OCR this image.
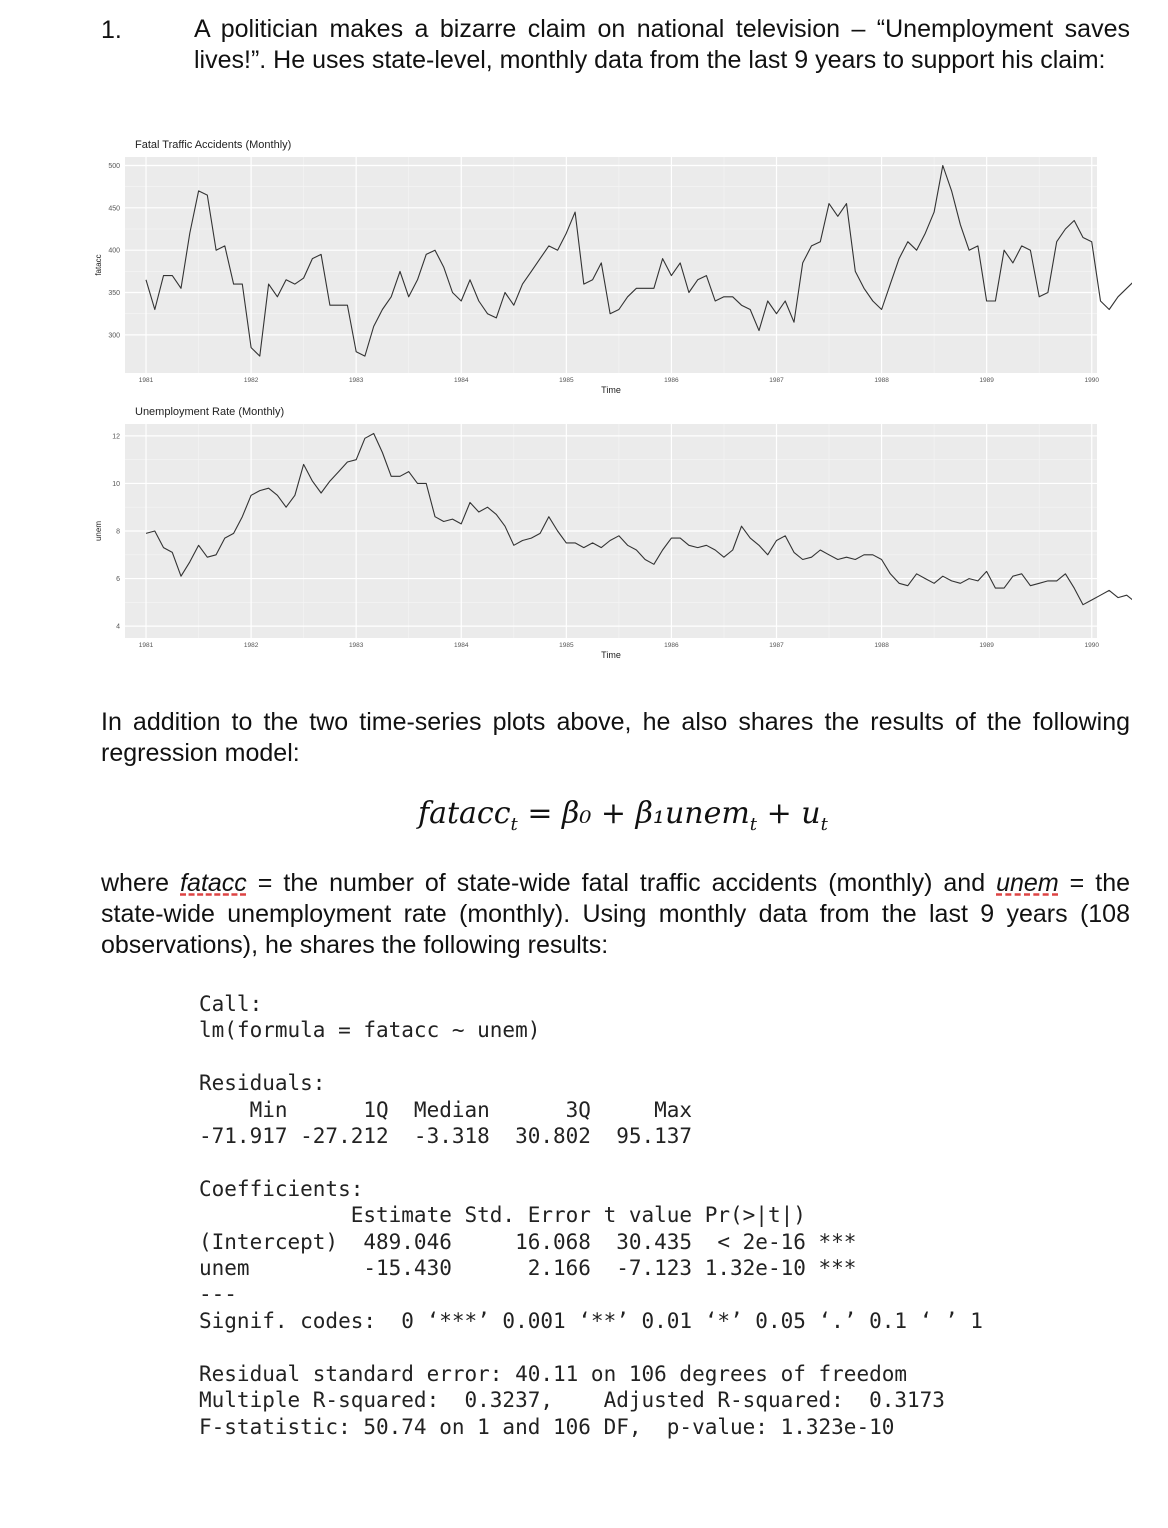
1.	A politician makes a bizarre claim on national television – “Unemployment saves lives!”. He uses state-level, monthly data from the last 9 years to support his claim:
300
350
400
450
500
1981	1982	1983	1984	1985	1986	1987	1988	1989	1990
Fatal Traffic Accidents (Monthly)
Time
fatacc
4
6
8
10
12
1981	1982	1983	1984	1985	1986	1987	1988	1989	1990
Unemployment Rate (Monthly)
Time
unem
In addition to the two time-series plots above, he also shares the results of the following regression model:
fatacc$_t$ = β₀ + β₁unem$_t$ + $u_t$
where fatacc = the number of state-wide fatal traffic accidents (monthly) and unem = the state-wide unemployment rate (monthly). Using monthly data from the last 9 years (108 observations), he shares the following results:
Call:
lm(formula = fatacc ~ unem)

Residuals:
Min      1Q  Median      3Q     Max
-71.917 -27.212  -3.318  30.802  95.137

Coefficients:
Estimate Std. Error t value Pr(>|t|)
(Intercept)  489.046     16.068  30.435  < 2e-16 ***
unem         -15.430      2.166  -7.123 1.32e-10 ***
---
Signif. codes:  0 ‘***’ 0.001 ‘**’ 0.01 ‘*’ 0.05 ‘.’ 0.1 ‘ ’ 1

Residual standard error: 40.11 on 106 degrees of freedom
Multiple R-squared:  0.3237,	Adjusted R-squared:  0.3173
F-statistic: 50.74 on 1 and 106 DF,  p-value: 1.323e-10
